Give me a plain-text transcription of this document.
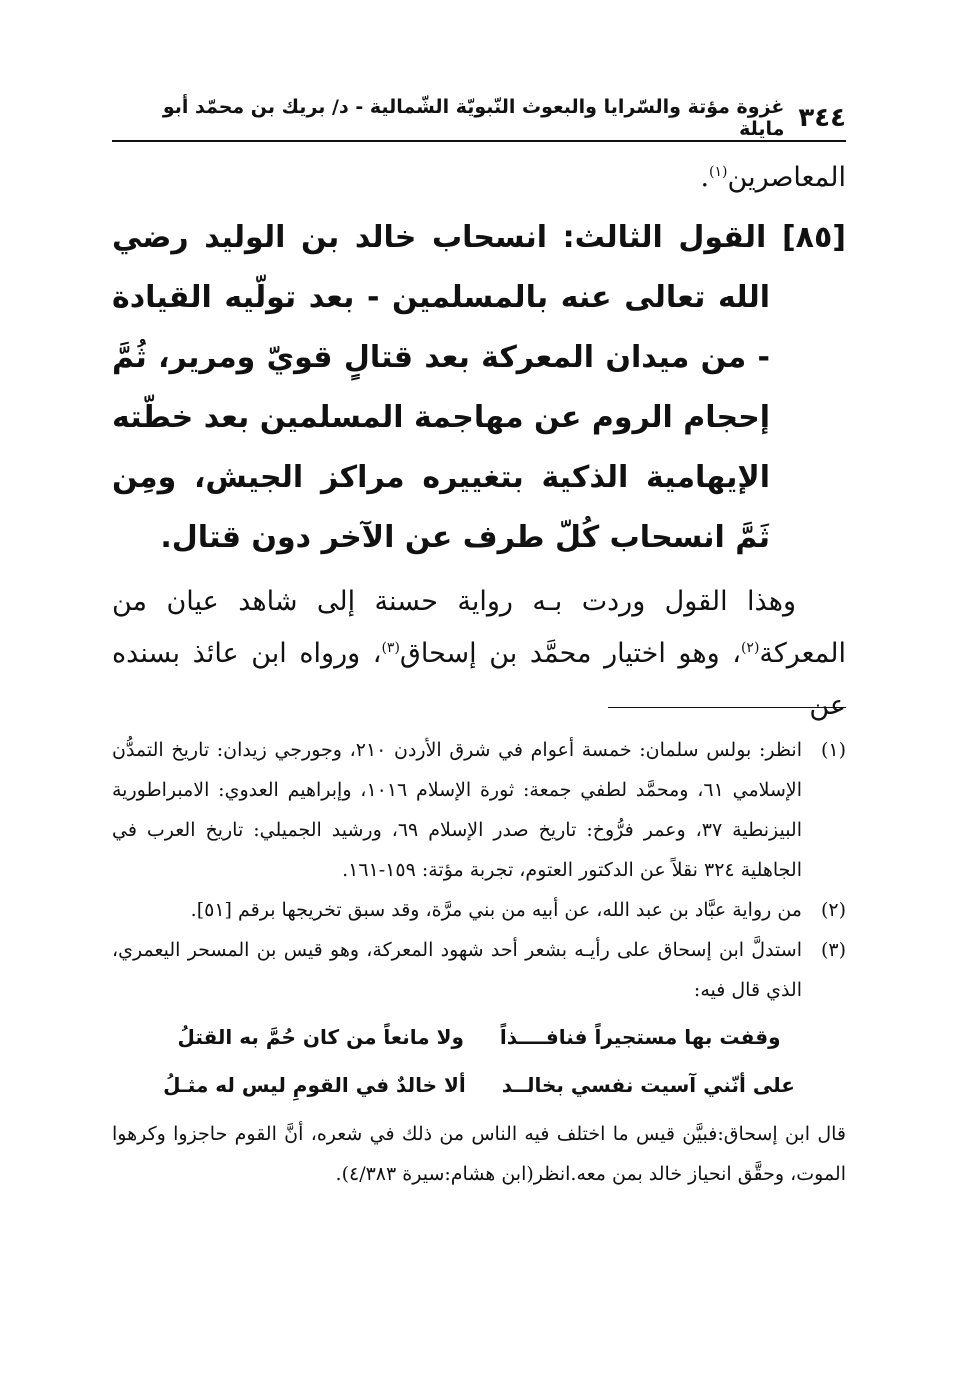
٣٤٤
غزوة مؤتة والسّرايا والبعوث النّبويّة الشّمالية - د/ بريك بن محمّد أبو مايلة

المعاصرين$^{(١)}$.

[٨٥] القول الثالث: انسحاب خالد بن الوليد رضي الله تعالى عنه بالمسلمين - بعد تولّيه القيادة - من ميدان المعركة بعد قتالٍ قويّ ومرير، ثُمَّ إحجام الروم عن مهاجمة المسلمين بعد خطّته الإيهامية الذكية بتغييره مراكز الجيش، ومِن ثَمَّ انسحاب كُلّ طرف عن الآخر دون قتال.

وهذا القول وردت بـه رواية حسنة إلى شاهد عيان من المعركة$^{(٢)}$، وهو اختيار محمَّد بن إسحاق$^{(٣)}$، ورواه ابن عائذ بسنده عن

(١)
انظر: بولس سلمان: خمسة أعوام في شرق الأردن ٢١٠، وجورجي زيدان: تاريخ التمدُّن الإسلامي ٦١، ومحمَّد لطفي جمعة: ثورة الإسلام ١٠١٦، وإبراهيم العدوي: الامبراطورية البيزنطية ٣٧، وعمر فرُّوخ: تاريخ صدر الإسلام ٦٩، ورشيد الجميلي: تاريخ العرب في الجاهلية ٣٢٤ نقلاً عن الدكتور العتوم، تجربة مؤتة: ١٥٩-١٦١.
(٢)
من رواية عبَّاد بن عبد الله، عن أبيه من بني مرَّة، وقد سبق تخريجها برقم [٥١].
(٣)
استدلَّ ابن إسحاق على رأيـه بشعر أحد شهود المعركة، وهو قيس بن المسحر اليعمري، الذي قال فيه:
وقفت بها مستجيراً فنافــــذاً
ولا مانعاً من كان حُمَّ به القتلُ
على أنّني آسيت نفسي بخالــد
ألا خالدٌ في القومِ ليس له مثـلُ

قال ابن إسحاق:فبيَّن قيس ما اختلف فيه الناس من ذلك في شعره، أنَّ القوم حاجزوا وكرهوا الموت، وحقَّق انحياز خالد بمن معه.انظر(ابن هشام:سيرة ٤/٣٨٣).
